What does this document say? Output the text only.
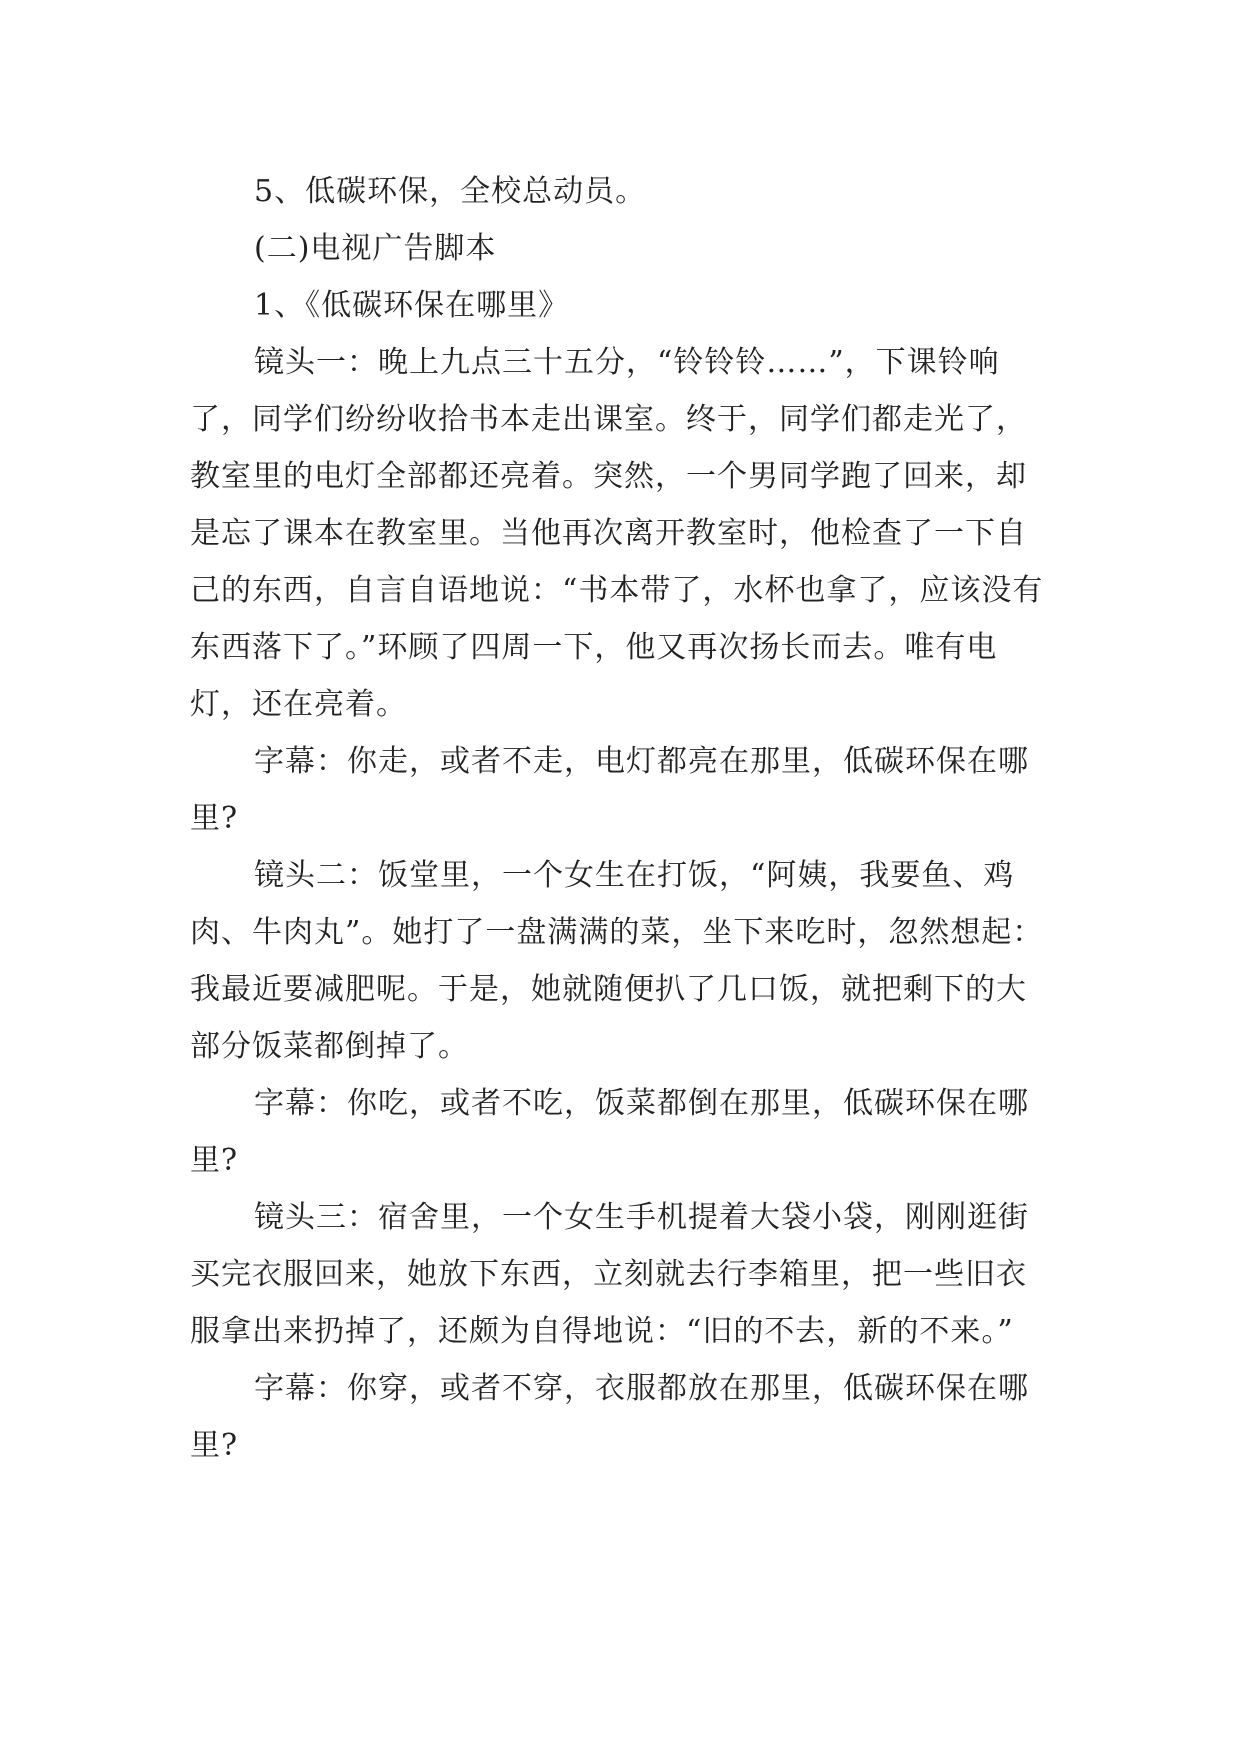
5、低碳环保，全校总动员。

(二)电视广告脚本

1、《低碳环保在哪里》

镜头一：晚上九点三十五分，“铃铃铃……”，下课铃响了，同学们纷纷收拾书本走出课室。终于，同学们都走光了，教室里的电灯全部都还亮着。突然，一个男同学跑了回来，却是忘了课本在教室里。当他再次离开教室时，他检查了一下自己的东西，自言自语地说：“书本带了，水杯也拿了，应该没有东西落下了。”环顾了四周一下，他又再次扬长而去。唯有电灯，还在亮着。

字幕：你走，或者不走，电灯都亮在那里，低碳环保在哪里?

镜头二：饭堂里，一个女生在打饭，“阿姨，我要鱼、鸡肉、牛肉丸”。她打了一盘满满的菜，坐下来吃时，忽然想起：我最近要减肥呢。于是，她就随便扒了几口饭，就把剩下的大部分饭菜都倒掉了。

字幕：你吃，或者不吃，饭菜都倒在那里，低碳环保在哪里?

镜头三：宿舍里，一个女生手机提着大袋小袋，刚刚逛街买完衣服回来，她放下东西，立刻就去行李箱里，把一些旧衣服拿出来扔掉了，还颇为自得地说：“旧的不去，新的不来。”

字幕：你穿，或者不穿，衣服都放在那里，低碳环保在哪里?
